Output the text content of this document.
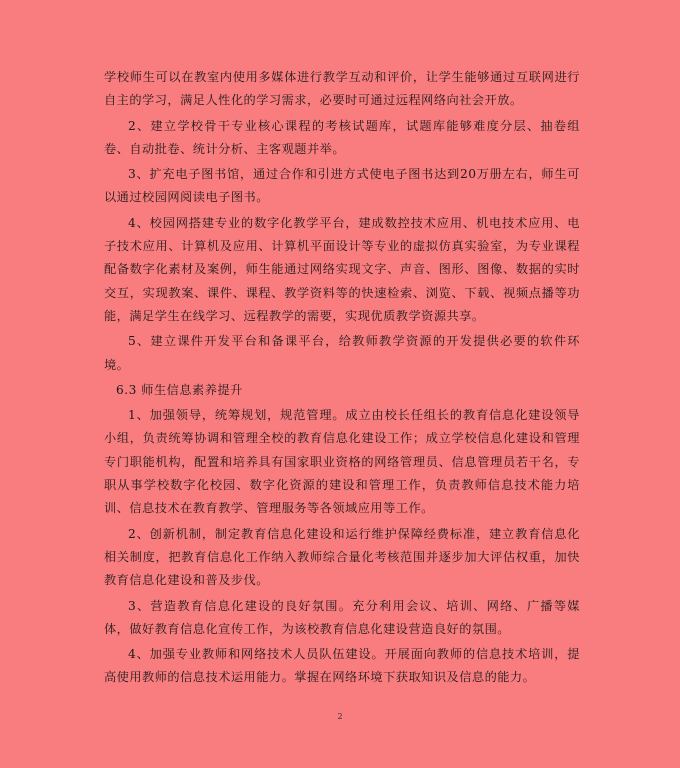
学校师生可以在教室内使用多媒体进行教学互动和评价，让学生能够通过互联网进行自主的学习，满足人性化的学习需求，必要时可通过远程网络向社会开放。

2、建立学校骨干专业核心课程的考核试题库，试题库能够难度分层、抽卷组卷、自动批卷、统计分析、主客观题并举。

3、扩充电子图书馆，通过合作和引进方式使电子图书达到20万册左右，师生可以通过校园网阅读电子图书。

4、校园网搭建专业的数字化教学平台，建成数控技术应用、机电技术应用、电子技术应用、计算机及应用、计算机平面设计等专业的虚拟仿真实验室，为专业课程配备数字化素材及案例，师生能通过网络实现文字、声音、图形、图像、数据的实时交互，实现教案、课件、课程、教学资料等的快速检索、浏览、下载、视频点播等功能，满足学生在线学习、远程教学的需要，实现优质教学资源共享。

5、建立课件开发平台和备课平台，给教师教学资源的开发提供必要的软件环境。

6.3 师生信息素养提升

1、加强领导，统筹规划，规范管理。成立由校长任组长的教育信息化建设领导小组，负责统筹协调和管理全校的教育信息化建设工作；成立学校信息化建设和管理专门职能机构，配置和培养具有国家职业资格的网络管理员、信息管理员若干名，专职从事学校数字化校园、数字化资源的建设和管理工作，负责教师信息技术能力培训、信息技术在教育教学、管理服务等各领域应用等工作。

2、创新机制，制定教育信息化建设和运行维护保障经费标准，建立教育信息化相关制度，把教育信息化工作纳入教师综合量化考核范围并逐步加大评估权重，加快教育信息化建设和普及步伐。

3、营造教育信息化建设的良好氛围。充分利用会议、培训、网络、广播等媒体，做好教育信息化宣传工作，为该校教育信息化建设营造良好的氛围。

4、加强专业教师和网络技术人员队伍建设。开展面向教师的信息技术培训，提高使用教师的信息技术运用能力。掌握在网络环境下获取知识及信息的能力。

2
